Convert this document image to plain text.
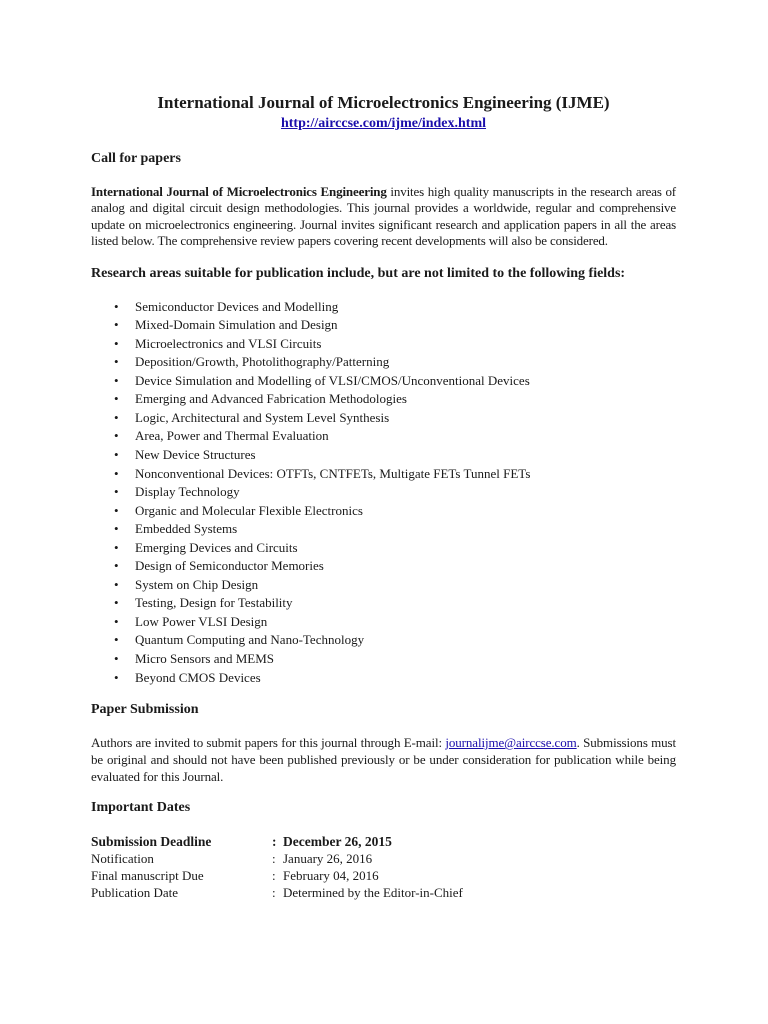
International Journal of Microelectronics Engineering (IJME)

http://airccse.com/ijme/index.html

Call for papers

International Journal of Microelectronics Engineering invites high quality manuscripts in the research areas of analog and digital circuit design methodologies. This journal provides a worldwide, regular and comprehensive update on microelectronics engineering. Journal invites significant research and application papers in all the areas listed below. The comprehensive review papers covering recent developments will also be considered.

Research areas suitable for publication include, but are not limited to the following fields:
• Semiconductor Devices and Modelling
• Mixed-Domain Simulation and Design
• Microelectronics and VLSI Circuits
• Deposition/Growth, Photolithography/Patterning
• Device Simulation and Modelling of VLSI/CMOS/Unconventional Devices
• Emerging and Advanced Fabrication Methodologies
• Logic, Architectural and System Level Synthesis
• Area, Power and Thermal Evaluation
• New Device Structures
• Nonconventional Devices: OTFTs, CNTFETs, Multigate FETs Tunnel FETs
• Display Technology
• Organic and Molecular Flexible Electronics
• Embedded Systems
• Emerging Devices and Circuits
• Design of Semiconductor Memories
• System on Chip Design
• Testing, Design for Testability
• Low Power VLSI Design
• Quantum Computing and Nano-Technology
• Micro Sensors and MEMS
• Beyond CMOS Devices
Paper Submission

Authors are invited to submit papers for this journal through E-mail: journalijme@airccse.com. Submissions must be original and should not have been published previously or be under consideration for publication while being evaluated for this Journal.

Important Dates
Submission Deadline	:	December 26, 2015
Notification	:	January 26, 2016
Final manuscript Due	:	February 04, 2016
Publication Date	:	Determined by the Editor-in-Chief
